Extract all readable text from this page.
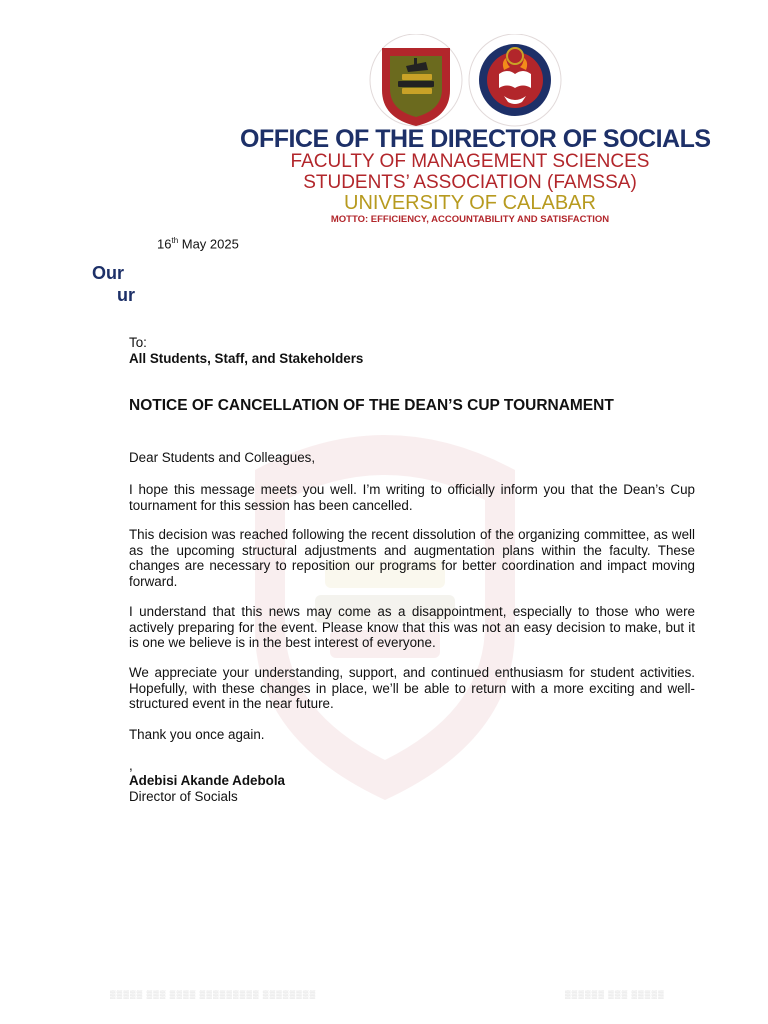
OFFICE OF THE DIRECTOR OF SOCIALS
FACULTY OF MANAGEMENT SCIENCES
STUDENTS’ ASSOCIATION (FAMSSA)
UNIVERSITY OF CALABAR
MOTTO: EFFICIENCY, ACCOUNTABILITY AND SATISFACTION
16th May 2025
Our
ur
To:
All Students, Staff, and Stakeholders
NOTICE OF CANCELLATION OF THE DEAN’S CUP TOURNAMENT
Dear Students and Colleagues,
I hope this message meets you well. I’m writing to officially inform you that the Dean’s Cup tournament for this session has been cancelled.
This decision was reached following the recent dissolution of the organizing committee, as well as the upcoming structural adjustments and augmentation plans within the faculty. These changes are necessary to reposition our programs for better coordination and impact moving forward.
I understand that this news may come as a disappointment, especially to those who were actively preparing for the event. Please know that this was not an easy decision to make, but it is one we believe is in the best interest of everyone.
We appreciate your understanding, support, and continued enthusiasm for student activities. Hopefully, with these changes in place, we’ll be able to return with a more exciting and well-structured event in the near future.
Thank you once again.
,
Adebisi Akande Adebola
Director of Socials
▒▒▒▒▒ ▒▒▒ ▒▒▒▒ ▒▒▒▒▒▒▒▒▒ ▒▒▒▒▒▒▒▒	▒▒▒▒▒▒ ▒▒▒ ▒▒▒▒▒
